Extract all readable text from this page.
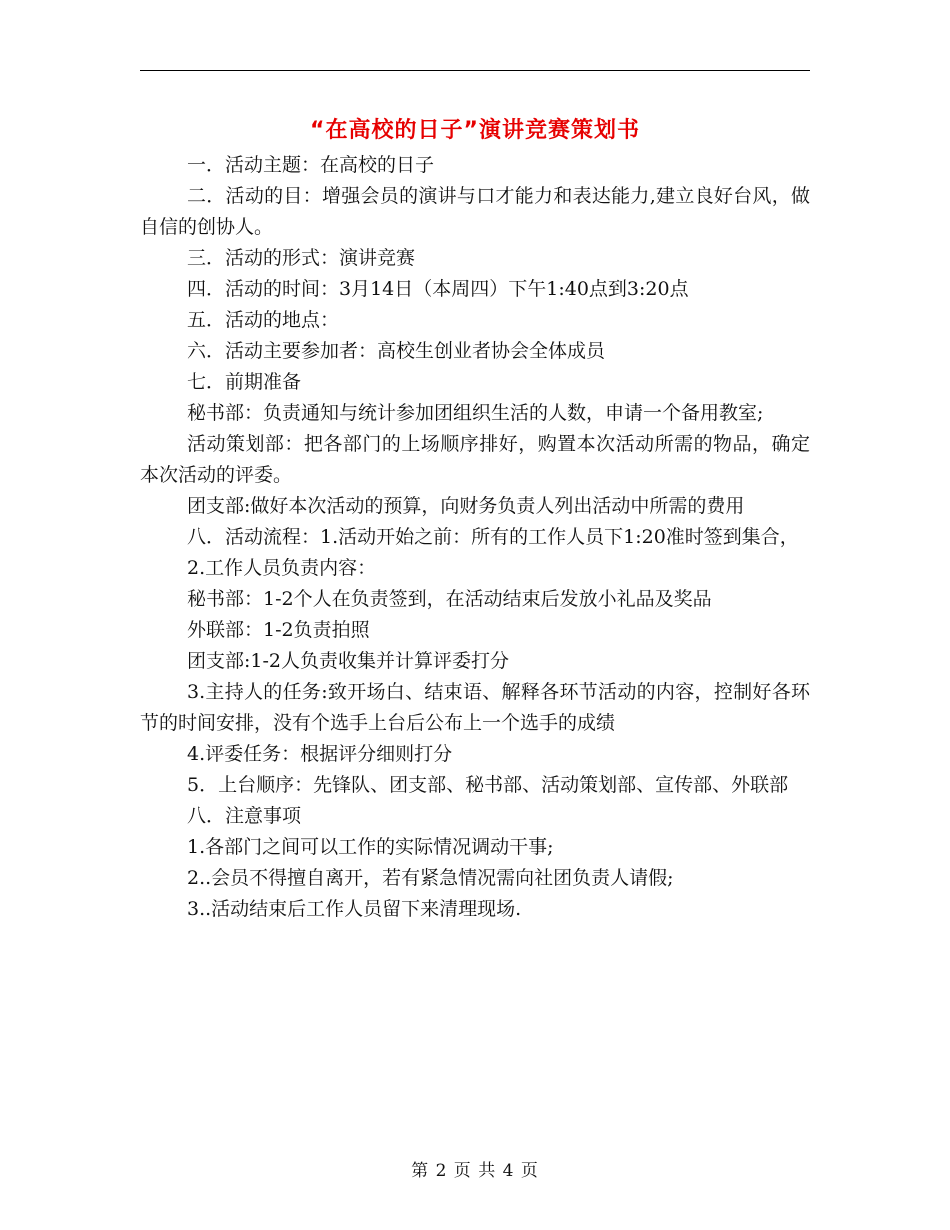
“在高校的日子”演讲竞赛策划书

一．活动主题：在高校的日子

二．活动的目：增强会员的演讲与口才能力和表达能力,建立良好台风，做自信的创协人。

三．活动的形式：演讲竞赛

四．活动的时间：3月14日（本周四）下午1:40点到3:20点

五．活动的地点：

六．活动主要参加者：高校生创业者协会全体成员

七．前期准备

秘书部：负责通知与统计参加团组织生活的人数，申请一个备用教室;

活动策划部：把各部门的上场顺序排好，购置本次活动所需的物品，确定本次活动的评委。

团支部:做好本次活动的预算，向财务负责人列出活动中所需的费用

八．活动流程：1.活动开始之前：所有的工作人员下1:20准时签到集合，

2.工作人员负责内容：

秘书部：1-2个人在负责签到，在活动结束后发放小礼品及奖品

外联部：1-2负责拍照

团支部:1-2人负责收集并计算评委打分

3.主持人的任务:致开场白、结束语、解释各环节活动的内容，控制好各环节的时间安排，没有个选手上台后公布上一个选手的成绩

4.评委任务：根据评分细则打分

5．上台顺序：先锋队、团支部、秘书部、活动策划部、宣传部、外联部

八．注意事项

1.各部门之间可以工作的实际情况调动干事;

2..会员不得擅自离开，若有紧急情况需向社团负责人请假;

3..活动结束后工作人员留下来清理现场.

第 2 页 共 4 页
